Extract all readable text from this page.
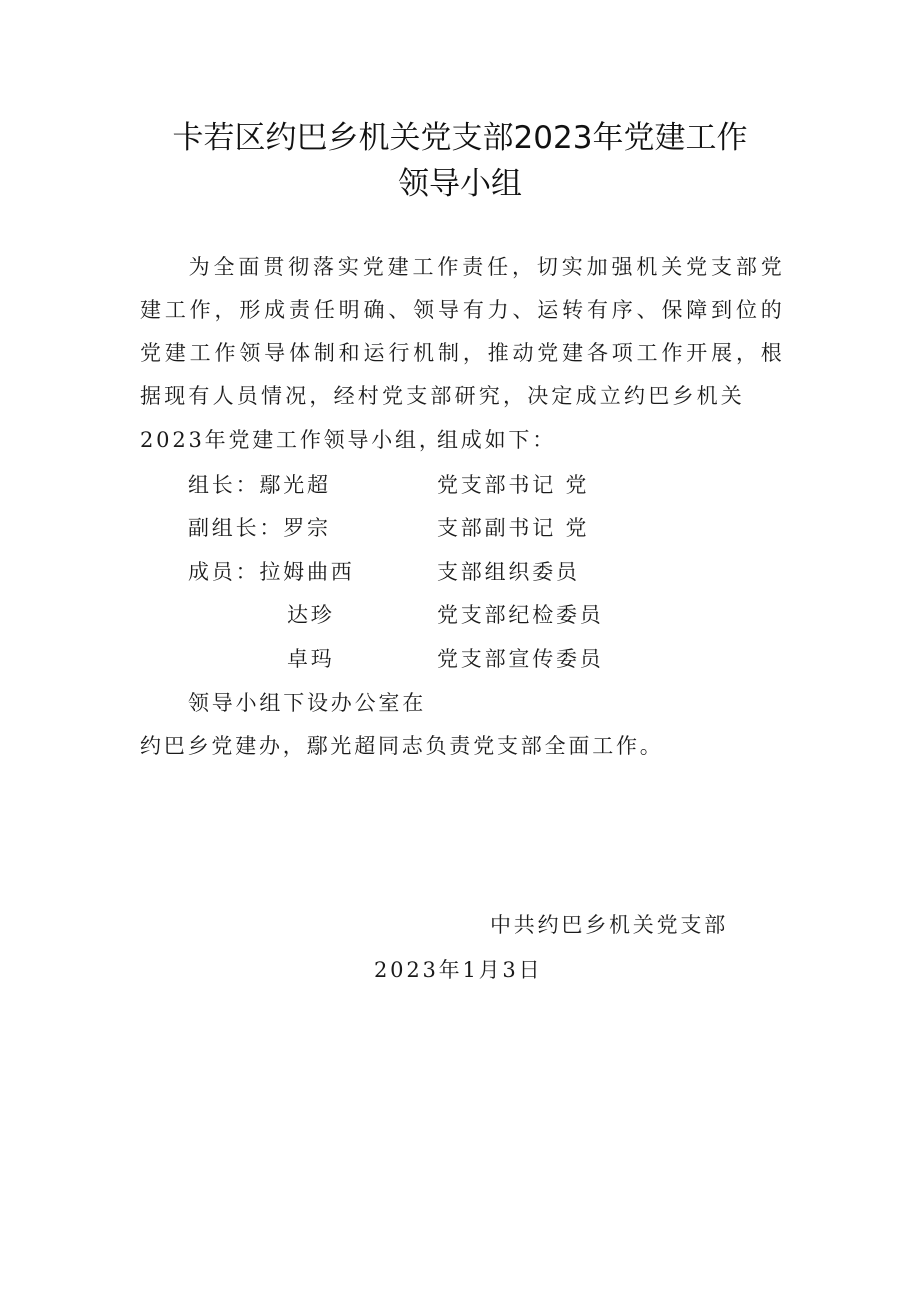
卡若区约巴乡机关党支部2023年党建工作
领导小组
为全面贯彻落实党建工作责任，切实加强机关党支部党建工作，形成责任明确、领导有力、运转有序、保障到位的党建工作领导体制和运行机制，推动党建各项工作开展，根据现有人员情况，经村党支部研究，决定成立约巴乡机关
2023年党建工作领导小组，
组成如下：
组长：鄢光超	党支部书记 党
副组长：罗宗	支部副书记 党
成员：拉姆曲西	支部组织委员
达珍	党支部纪检委员
卓玛	党支部宣传委员
领导小组下设办公室在
约巴乡党建办，鄢光超同志负责党支部全面工作。
中共约巴乡机关党支部
2023年1月3日
